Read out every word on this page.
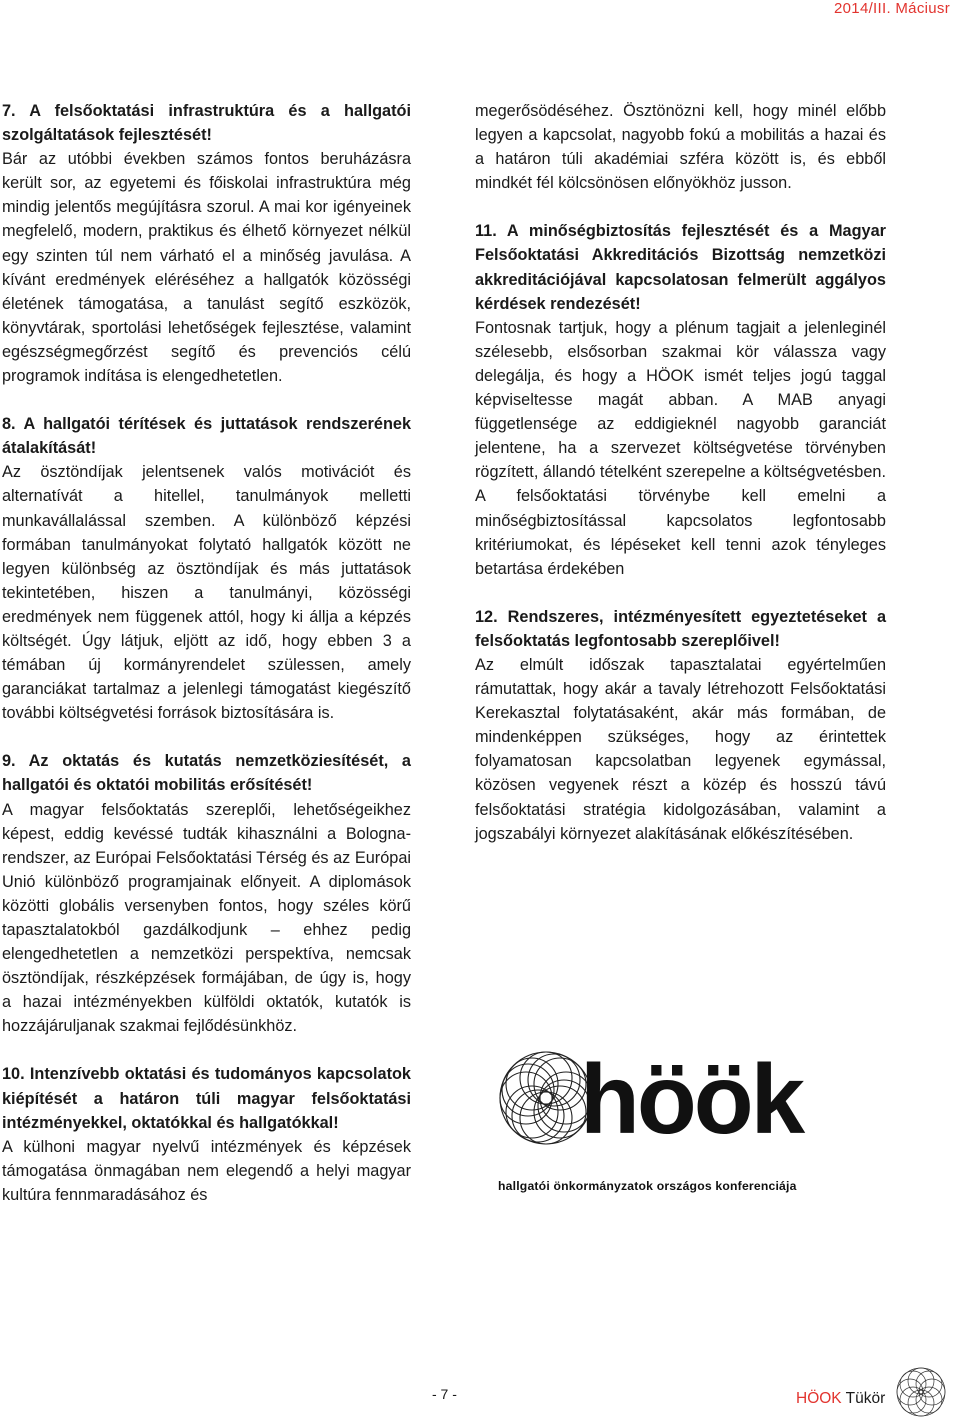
2014/III. Máciusr

7. A felsőoktatási infrastruktúra és a hallgatói szolgáltatások fejlesztését!

Bár az utóbbi években számos fontos beruházásra került sor, az egyetemi és főiskolai infrastruktúra még mindig jelentős megújításra szorul. A mai kor igényeinek megfelelő, modern, praktikus és élhető környezet nélkül egy szinten túl nem várható el a minőség javulása. A kívánt eredmények eléréséhez a hallgatók közösségi életének támogatása, a tanulást segítő eszközök, könyvtárak, sportolási lehetőségek fejlesztése, valamint egészségmegőrzést segítő és prevenciós célú programok indítása is elengedhetetlen.

8. A hallgatói térítések és juttatások rendszerének átalakítását!

Az ösztöndíjak jelentsenek valós motivációt és alternatívát a hitellel, tanulmányok melletti munkavállalással szemben. A különböző képzési formában tanulmányokat folytató hallgatók között ne legyen különbség az ösztöndíjak és más juttatások tekintetében, hiszen a tanulmányi, közösségi eredmények nem függenek attól, hogy ki állja a képzés költségét. Úgy látjuk, eljött az idő, hogy ebben 3 a témában új kormányrendelet szülessen, amely garanciákat tartalmaz a jelenlegi támogatást kiegészítő további költségvetési források biztosítására is.

9. Az oktatás és kutatás nemzetköziesítését, a hallgatói és oktatói mobilitás erősítését!

A magyar felsőoktatás szereplői, lehetőségeikhez képest, eddig kevéssé tudták kihasználni a Bologna-rendszer, az Európai Felsőoktatási Térség és az Európai Unió különböző programjainak előnyeit. A diplomások közötti globális versenyben fontos, hogy széles körű tapasztalatokból gazdálkodjunk – ehhez pedig elengedhetetlen a nemzetközi perspektíva, nemcsak ösztöndíjak, részképzések formájában, de úgy is, hogy a hazai intézményekben külföldi oktatók, kutatók is hozzájáruljanak szakmai fejlődésünkhöz.

10. Intenzívebb oktatási és tudományos kapcsolatok kiépítését a határon túli magyar felsőoktatási intézményekkel, oktatókkal és hallgatókkal!

A külhoni magyar nyelvű intézmények és képzések támogatása önmagában nem elegendő a helyi magyar kultúra fennmaradásához és

megerősödéséhez. Ösztönözni kell, hogy minél előbb legyen a kapcsolat, nagyobb fokú a mobilitás a hazai és a határon túli akadémiai szféra között is, és ebből mindkét fél kölcsönösen előnyökhöz jusson.

11. A minőségbiztosítás fejlesztését és a Magyar Felsőoktatási Akkreditációs Bizottság nemzetközi akkreditációjával kapcsolatosan felmerült aggályos kérdések rendezését!

Fontosnak tartjuk, hogy a plénum tagjait a jelenleginél szélesebb, elsősorban szakmai kör válassza vagy delegálja, és hogy a HÖOK ismét teljes jogú taggal képviseltesse magát abban. A MAB anyagi függetlensége az eddigieknél nagyobb garanciát jelentene, ha a szervezet költségvetése törvényben rögzített, állandó tételként szerepelne a költségvetésben. A felsőoktatási törvénybe kell emelni a minőségbiztosítással kapcsolatos legfontosabb kritériumokat, és lépéseket kell tenni azok tényleges betartása érdekében

12. Rendszeres, intézményesített egyeztetéseket a felsőoktatás legfontosabb szereplőivel!

Az elmúlt időszak tapasztalatai egyértelműen rámutattak, hogy akár a tavaly létrehozott Felsőoktatási Kerekasztal folytatásaként, akár más formában, de mindenképpen szükséges, hogy az érintettek folyamatosan kapcsolatban legyenek egymással, közösen vegyenek részt a közép és hosszú távú felsőoktatási stratégia kidolgozásában, valamint a jogszabályi környezet alakításának előkészítésében.

höök
hallgatói önkormányzatok országos konferenciája
- 7 -	HÖOK Tükör
